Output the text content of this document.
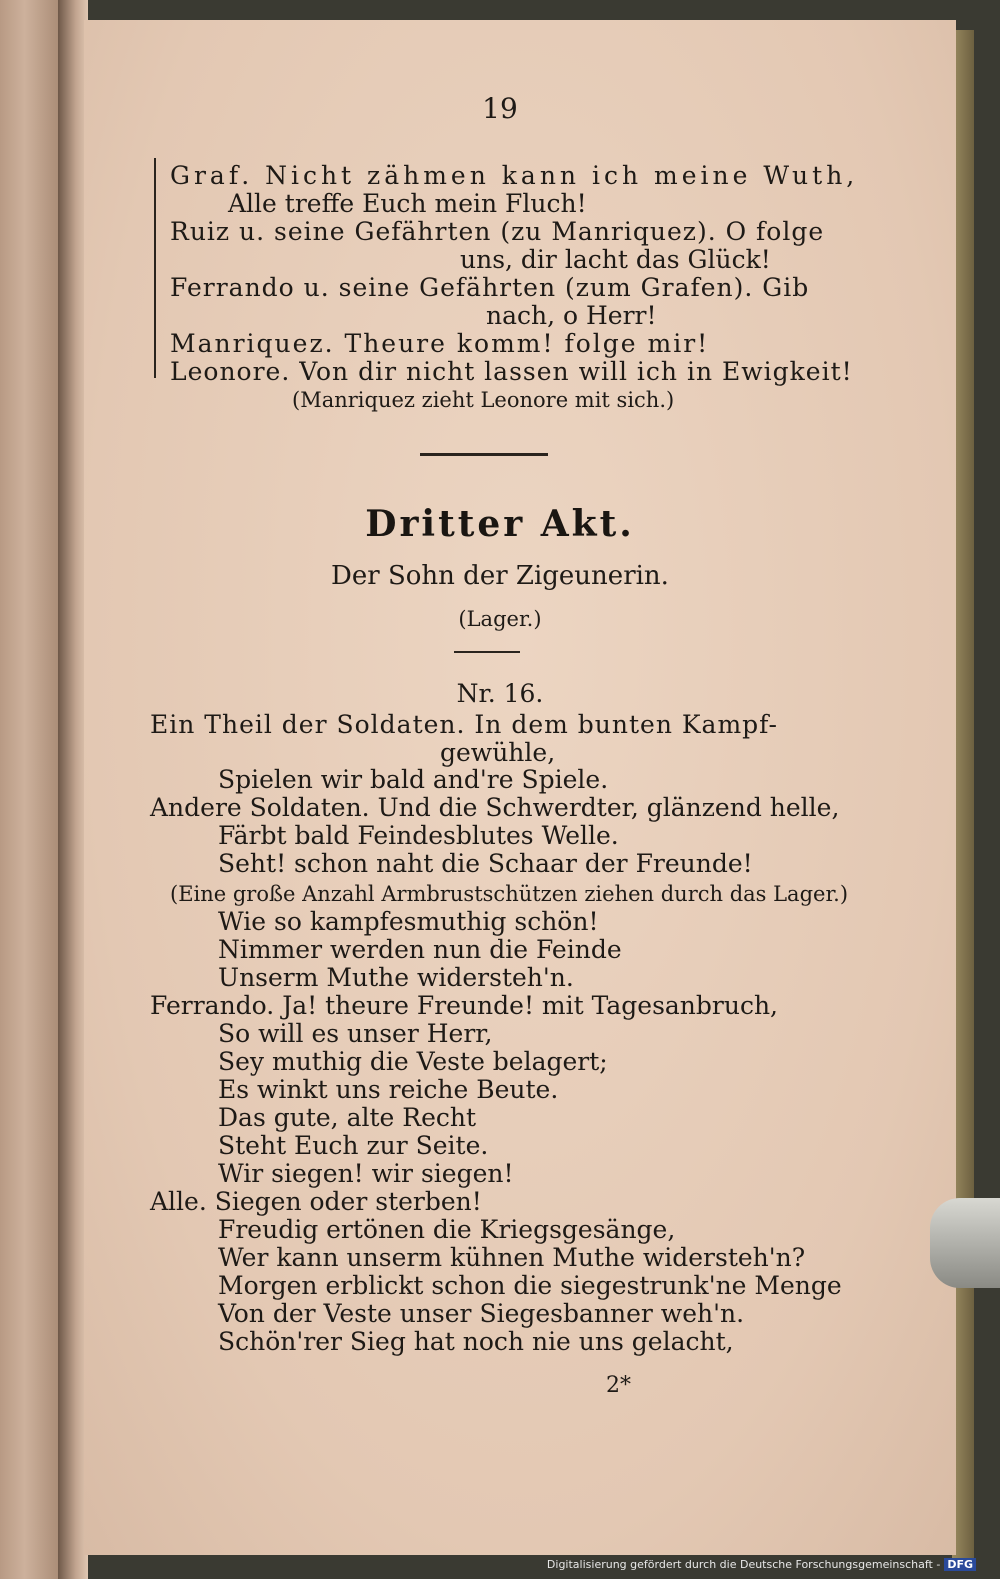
19
Graf. Nicht zähmen kann ich meine Wuth,
Alle treffe Euch mein Fluch!
Ruiz u. seine Gefährten (zu Manriquez). O folge
uns, dir lacht das Glück!
Ferrando u. seine Gefährten (zum Grafen). Gib
nach, o Herr!
Manriquez. Theure komm! folge mir!
Leonore. Von dir nicht lassen will ich in Ewigkeit!
(Manriquez zieht Leonore mit sich.)
Dritter Akt.
Der Sohn der Zigeunerin.
(Lager.)
Nr. 16.
Ein Theil der Soldaten. In dem bunten Kampf-
gewühle,
Spielen wir bald and're Spiele.
Andere Soldaten. Und die Schwerdter, glänzend helle,
Färbt bald Feindesblutes Welle.
Seht! schon naht die Schaar der Freunde!
(Eine große Anzahl Armbrustschützen ziehen durch das Lager.)
Wie so kampfesmuthig schön!
Nimmer werden nun die Feinde
Unserm Muthe widersteh'n.
Ferrando. Ja! theure Freunde! mit Tagesanbruch,
So will es unser Herr,
Sey muthig die Veste belagert;
Es winkt uns reiche Beute.
Das gute, alte Recht
Steht Euch zur Seite.
Wir siegen! wir siegen!
Alle. Siegen oder sterben!
Freudig ertönen die Kriegsgesänge,
Wer kann unserm kühnen Muthe widersteh'n?
Morgen erblickt schon die siegestrunk'ne Menge
Von der Veste unser Siegesbanner weh'n.
Schön'rer Sieg hat noch nie uns gelacht,
2*
Digitalisierung gefördert durch die Deutsche Forschungsgemeinschaft - DFG
